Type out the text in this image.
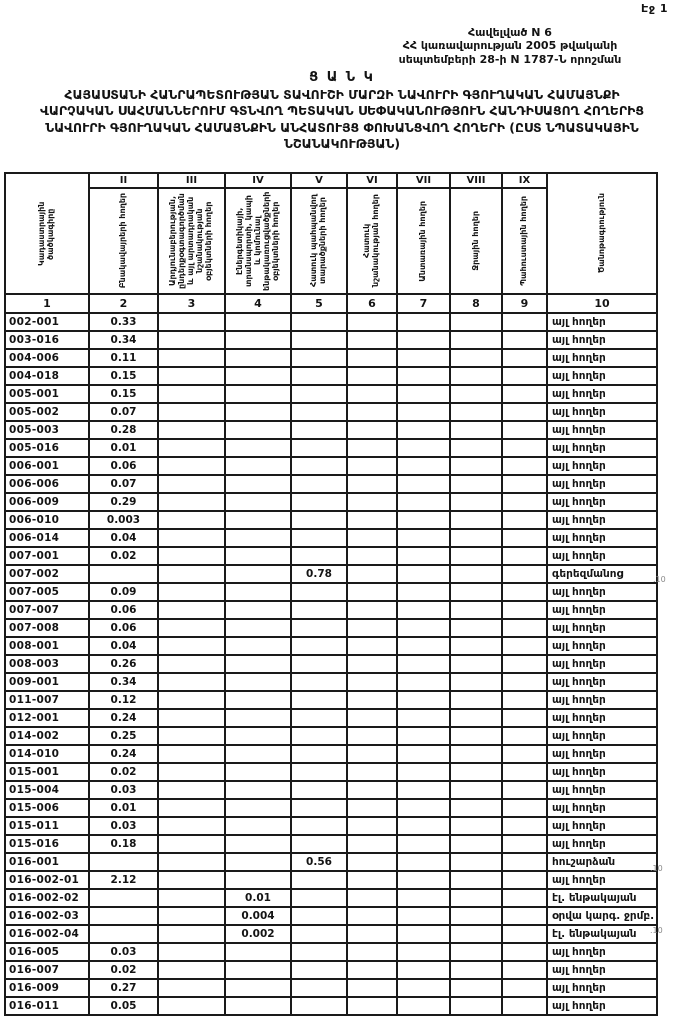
Էջ 1
Հավելված N 6
ՀՀ կառավարության 2005 թվականի
սեպտեմբերի 28-ի N 1787-Ն որոշման
Ց Ա Ն Կ
ՀԱՅԱՍՏԱՆԻ ՀԱՆՐԱՊԵՏՈՒԹՅԱՆ ՏԱՎՈՒՇԻ ՄԱՐԶԻ ՆԱՎՈՒՐԻ ԳՅՈՒՂԱԿԱՆ ՀԱՄԱՅՆՔԻ ՎԱՐՉԱԿԱՆ ՍԱՀՄԱՆՆԵՐՈՒՄ ԳՏՆՎՈՂ ՊԵՏԱԿԱՆ ՍԵՓԱԿԱՆՈՒԹՅՈՒՆ ՀԱՆԴԻՍԱՑՈՂ ՀՈՂԵՐԻՑ ՆԱՎՈՒՐԻ ԳՅՈՒՂԱԿԱՆ ՀԱՄԱՅՆՔԻՆ ԱՆՀԱՏՈՒՅՑ ՓՈԽԱՆՑՎՈՂ ՀՈՂԵՐԻ (ԸՍՏ ՆՊԱՏԱԿԱՅԻՆ ՆՇԱՆԱԿՈՒԹՅԱՆ)
Կադաստրային ծածկագիրը	II	III	IV	V	VI	VII	VIII	IX	Ծանոթագրություն

	Բնակավայրերի հողեր	Արդյունաբերության, ընդերքօգտագործման և այլ արտադրական նշանակության օբյեկտների հողեր	Էներգետիկայի, տրանսպորտի, կապի և կոմունալ ենթակառուցվածքների օբյեկտների հողեր	Հատուկ պահպանվող տարածքների հողեր	Հատուկ նշանակության հողեր	Անտառային հողեր	Ջրային հողեր	Պահուստային հողեր	

1	2	3	4	5	6	7	8	9	10
002-001	0.33								այլ հողեր
003-016	0.34								այլ հողեր
004-006	0.11								այլ հողեր
004-018	0.15								այլ հողեր
005-001	0.15								այլ հողեր
005-002	0.07								այլ հողեր
005-003	0.28								այլ հողեր
005-016	0.01								այլ հողեր
006-001	0.06								այլ հողեր
006-006	0.07								այլ հողեր
006-009	0.29								այլ հողեր
006-010	0.003								այլ հողեր
006-014	0.04								այլ հողեր
007-001	0.02								այլ հողեր
007-002				0.78					գերեզմանոց
007-005	0.09								այլ հողեր
007-007	0.06								այլ հողեր
007-008	0.06								այլ հողեր
008-001	0.04								այլ հողեր
008-003	0.26								այլ հողեր
009-001	0.34								այլ հողեր
011-007	0.12								այլ հողեր
012-001	0.24								այլ հողեր
014-002	0.25								այլ հողեր
014-010	0.24								այլ հողեր
015-001	0.02								այլ հողեր
015-004	0.03								այլ հողեր
015-006	0.01								այլ հողեր
015-011	0.03								այլ հողեր
015-016	0.18								այլ հողեր
016-001				0.56					հուշարձան
016-002-01	2.12								այլ հողեր
016-002-02			0.01						էլ. ենթակայան
016-002-03			0.004						օրվա կարգ. ջրմբ.
016-002-04			0.002						էլ. ենթակայան
016-005	0.03								այլ հողեր
016-007	0.02								այլ հողեր
016-009	0.27								այլ հողեր
016-011	0.05								այլ հողեր
.10
.10
.10
